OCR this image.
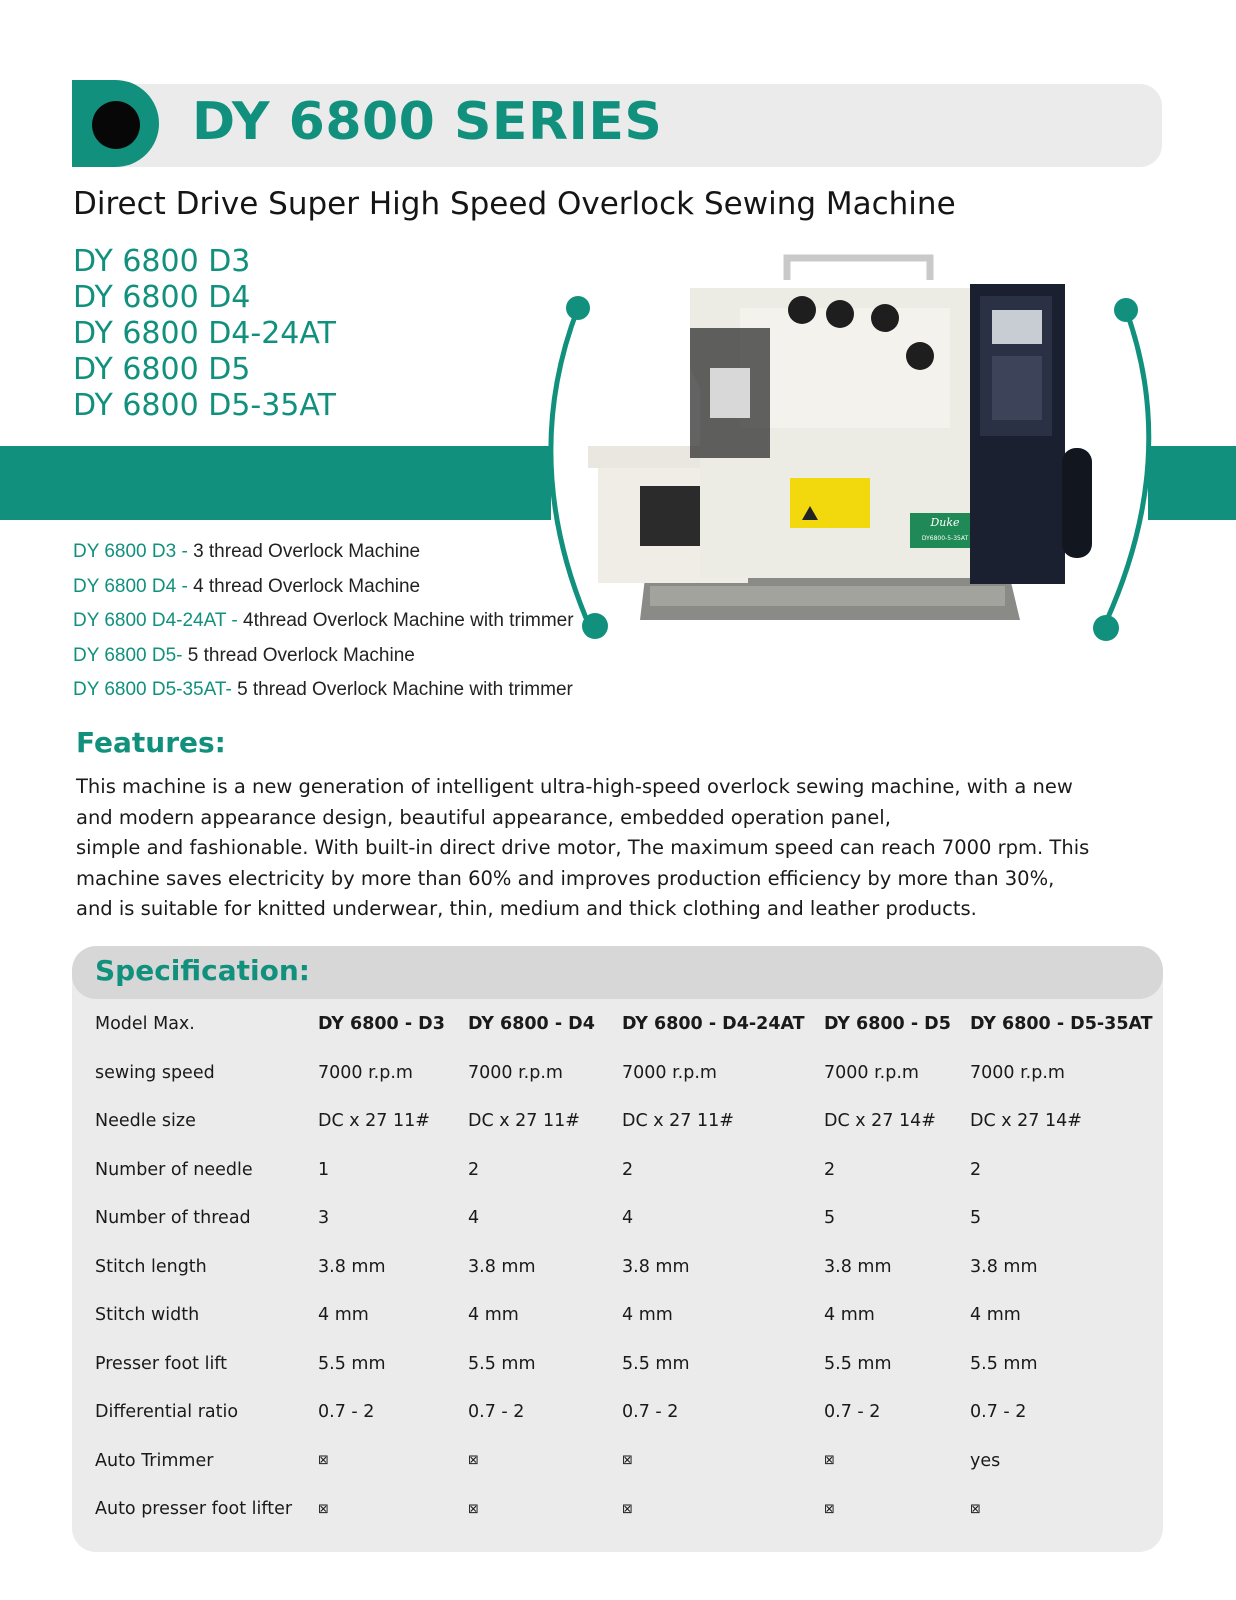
DY 6800 SERIES
Direct Drive Super High Speed Overlock Sewing Machine
DY 6800 D3
DY 6800 D4
DY 6800 D4-24AT
DY 6800 D5
DY 6800 D5-35AT
Duke
DY6800-5-35AT
DY 6800 D3 - 3 thread Overlock Machine
DY 6800 D4 - 4 thread Overlock Machine
DY 6800 D4-24AT - 4thread Overlock Machine with trimmer
DY 6800 D5- 5 thread Overlock Machine
DY 6800 D5-35AT- 5 thread Overlock Machine with trimmer
Features:

This machine is a new generation of intelligent ultra-high-speed overlock sewing machine, with a new
and modern appearance design, beautiful appearance, embedded operation panel,
simple and fashionable. With built-in direct drive motor, The maximum speed can reach 7000 rpm. This
machine saves electricity by more than 60% and improves production efficiency by more than 30%,
and is suitable for knitted underwear, thin, medium and thick clothing and leather products.

Specification:
Model Max.	DY 6800 - D3	DY 6800 - D4	DY 6800 - D4-24AT	DY 6800 - D5	DY 6800 - D5-35AT
sewing speed	7000 r.p.m	7000 r.p.m	7000 r.p.m	7000 r.p.m	7000 r.p.m
Needle size	DC x 27 11#	DC x 27 11#	DC x 27 11#	DC x 27 14#	DC x 27 14#
Number of needle	1	2	2	2	2
Number of thread	3	4	4	5	5
Stitch length	3.8 mm	3.8 mm	3.8 mm	3.8 mm	3.8 mm
Stitch width	4 mm	4 mm	4 mm	4 mm	4 mm
Presser foot lift	5.5 mm	5.5 mm	5.5 mm	5.5 mm	5.5 mm
Differential ratio	0.7 - 2	0.7 - 2	0.7 - 2	0.7 - 2	0.7 - 2
Auto Trimmer	⊠	⊠	⊠	⊠	yes
Auto presser foot lifter	⊠	⊠	⊠	⊠	⊠
